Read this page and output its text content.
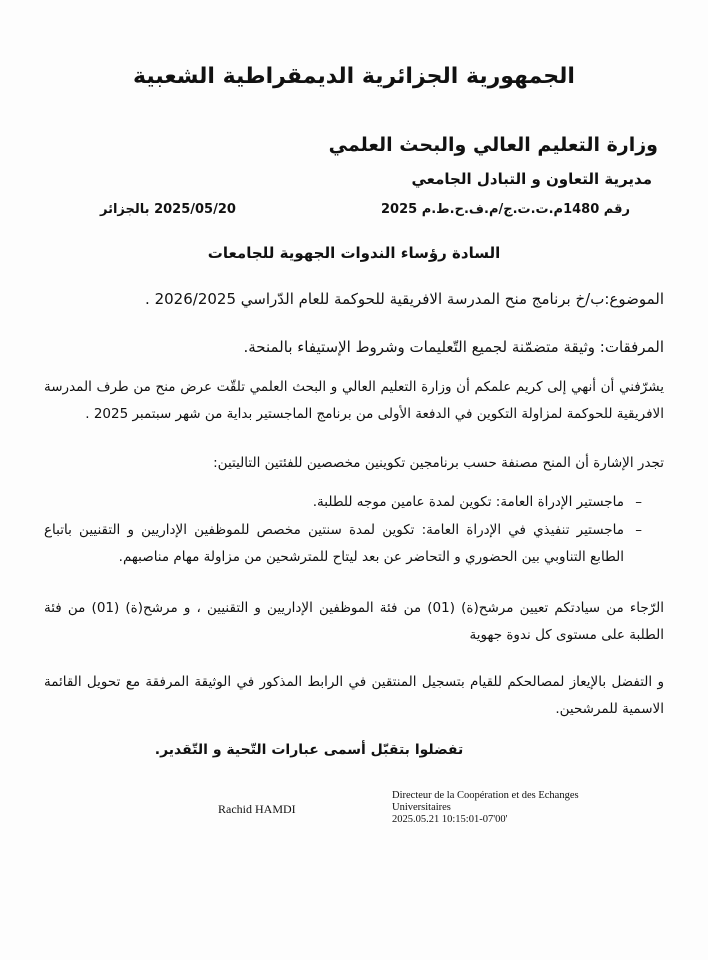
الجمهورية الجزائرية الديمقراطية الشعبية
وزارة التعليم العالي والبحث العلمي
مديرية التعاون و التبادل الجامعي
رقم 1480م.ت.ت.ج/م.ف.ح.ط.م 2025
2025/05/20 بالجزائر
السادة رؤساء الندوات الجهوية للجامعات
الموضوع:ب/خ برنامج منح المدرسة الافريقية للحوكمة للعام الدّراسي 2026/2025 .
المرفقات: وثيقة متضمّنة لجميع التّعليمات وشروط الإستيفاء بالمنحة.
يشرّفني أن أنهي إلى كريم علمكم أن وزارة التعليم العالي و البحث العلمي تلقّت عرض منح من طرف المدرسة الافريقية للحوكمة لمزاولة التكوين في الدفعة الأولى من برنامج الماجستير بداية من شهر سبتمبر 2025 .
تجدر الإشارة أن المنح مصنفة حسب برنامجين تكوينين مخصصين للفئتين التاليتين:
– ماجستير الإدراة العامة: تكوين لمدة عامين موجه للطلبة.
– ماجستير تنفيذي في الإدراة العامة: تكوين لمدة سنتين مخصص للموظفين الإداريين و التقنيين باتباع الطابع التناوبي بين الحضوري و التحاضر عن بعد ليتاح للمترشحين من مزاولة مهام مناصبهم.
الرّجاء من سيادتكم تعيين مرشح(ة) (01) من فئة الموظفين الإداريين و التقنيين ، و مرشح(ة) (01) من فئة الطلبة على مستوى كل ندوة جهوية
و التفضل بالإيعاز لمصالحكم للقيام بتسجيل المنتقين في الرابط المذكور في الوثيقة المرفقة مع تحويل القائمة الاسمية للمرشحين.
تفضلوا بتقبّل أسمى عبارات التّحية و التّقدير.
Rachid HAMDI
Directeur de la Coopération et des Echanges
Universitaires
2025.05.21 10:15:01-07'00'
